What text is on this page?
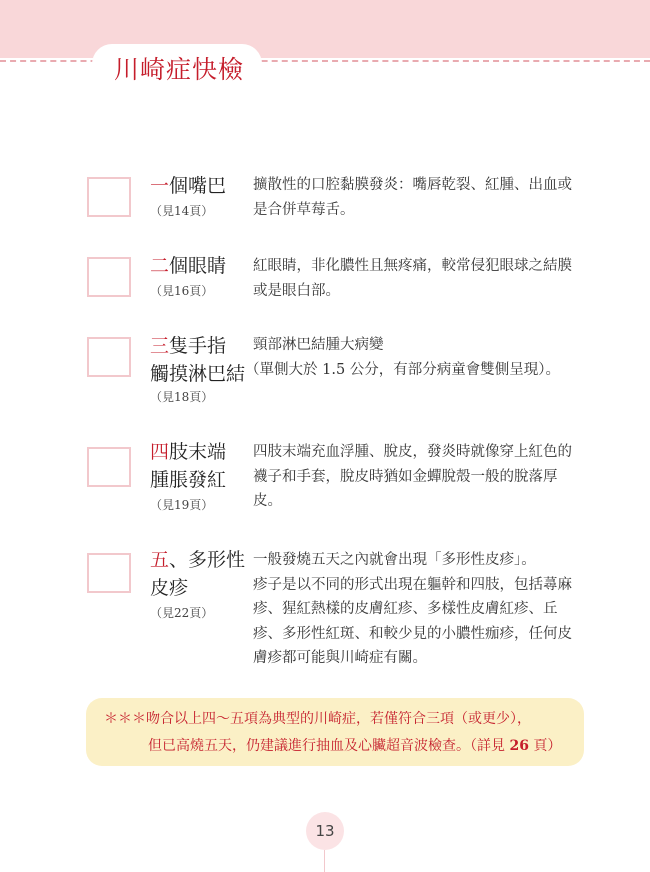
川崎症快檢
一個嘴巴
（見14頁）
擴散性的口腔黏膜發炎：嘴唇乾裂、紅腫、出血或
是合併草莓舌。
二個眼睛
（見16頁）
紅眼睛，非化膿性且無疼痛，較常侵犯眼球之結膜
或是眼白部。
三隻手指
觸摸淋巴結
（見18頁）
頸部淋巴結腫大病變
（單側大於 1.5 公分，有部分病童會雙側呈現）。
四肢末端
腫脹發紅
（見19頁）
四肢末端充血浮腫、脫皮，發炎時就像穿上紅色的
襪子和手套，脫皮時猶如金蟬脫殼一般的脫落厚
皮。
五、多形性
皮疹
（見22頁）
一般發燒五天之內就會出現「多形性皮疹」。
疹子是以不同的形式出現在軀幹和四肢，包括蕁麻
疹、猩紅熱樣的皮膚紅疹、多樣性皮膚紅疹、丘
疹、多形性紅斑、和較少見的小膿性痂疹，任何皮
膚疹都可能與川崎症有關。
＊＊＊吻合以上四～五項為典型的川崎症，若僅符合三項（或更少），
但已高燒五天，仍建議進行抽血及心臟超音波檢查。（詳見 26 頁）
13
